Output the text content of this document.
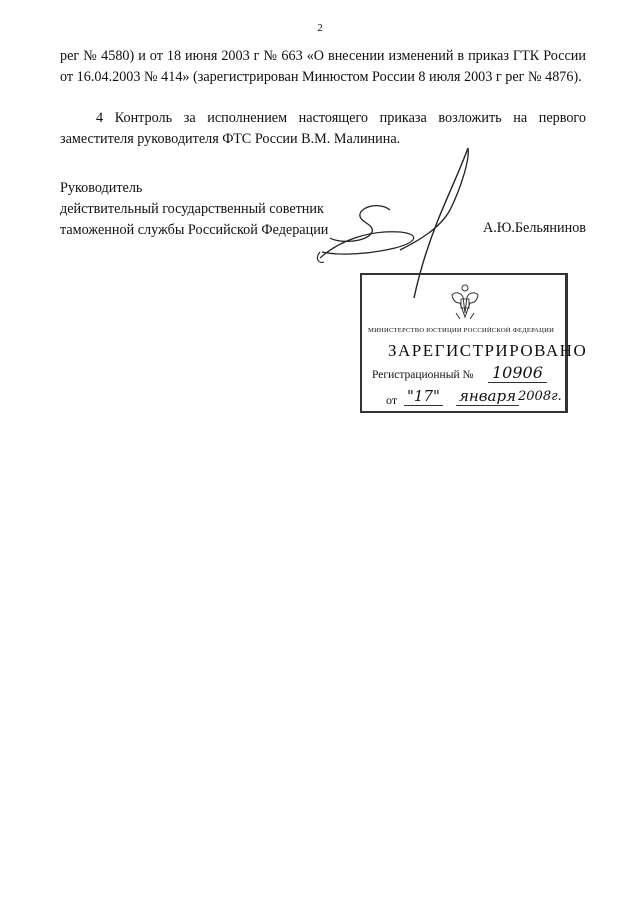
2
рег № 4580) и от 18 июня 2003 г № 663 «О внесении изменений в приказ ГТК России от 16.04.2003 № 414» (зарегистрирован Минюстом России 8 июля 2003 г рег № 4876).
4 Контроль за исполнением настоящего приказа возложить на первого заместителя руководителя ФТС России В.М. Малинина.
Руководитель
действительный государственный советник
таможенной службы Российской Федерации	А.Ю.Бельянинов
МИНИСТЕРСТВО ЮСТИЦИИ РОССИЙСКОЙ ФЕДЕРАЦИИ
ЗАРЕГИСТРИРОВАНО
Регистрационный № 10906
от "17" января 2008г.
